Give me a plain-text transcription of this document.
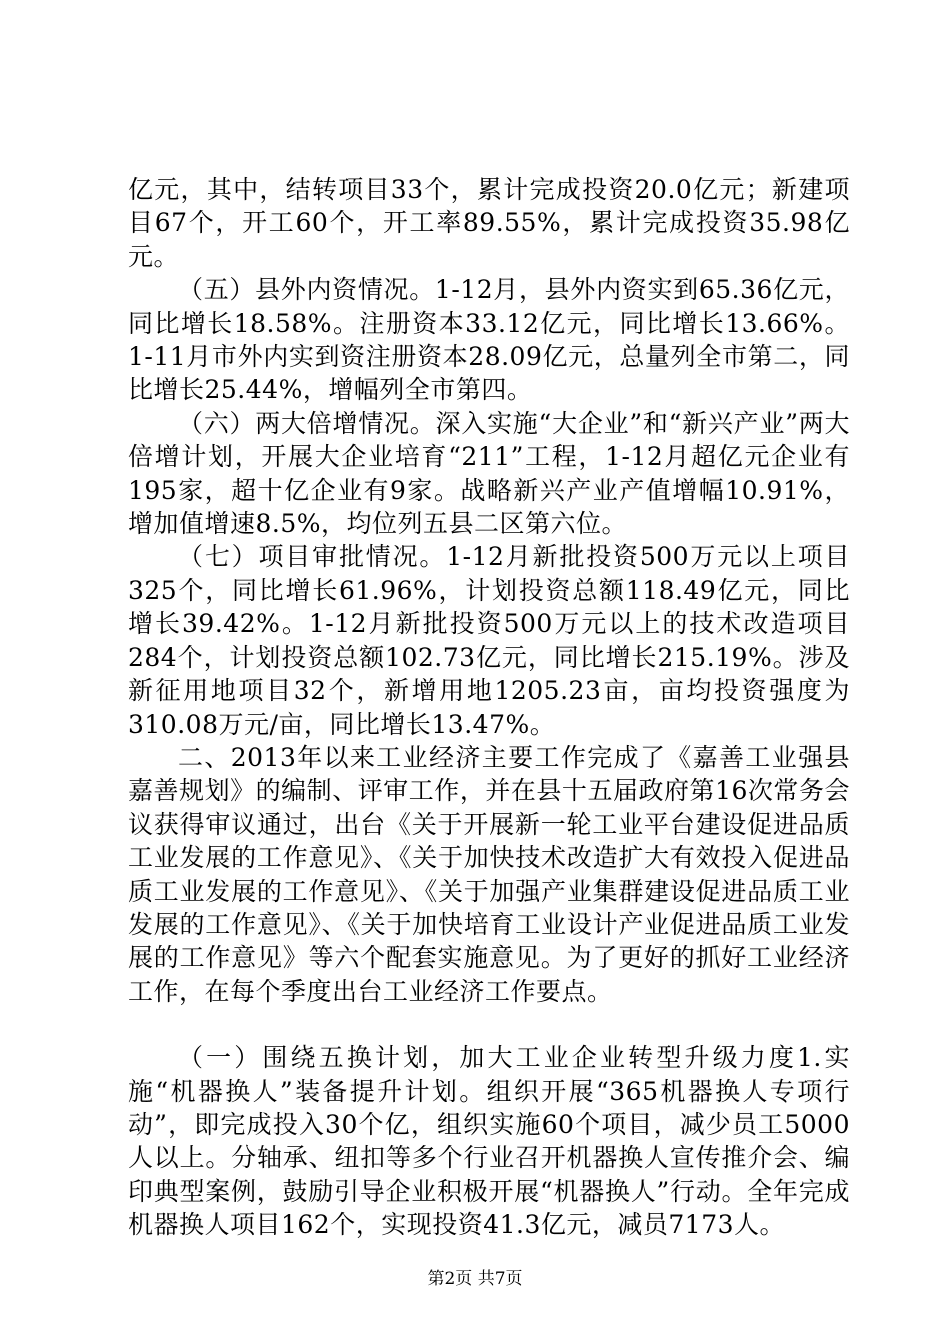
亿元，其中，结转项目33个，累计完成投资20.0亿元；新建项目67个，开工60个，开工率89.55%，累计完成投资35.98亿元。

（五）县外内资情况。1-12月，县外内资实到65.36亿元，同比增长18.58%。注册资本33.12亿元，同比增长13.66%。1-11月市外内实到资注册资本28.09亿元，总量列全市第二，同比增长25.44%，增幅列全市第四。

（六）两大倍增情况。深入实施“大企业”和“新兴产业”两大倍增计划，开展大企业培育“211”工程，1-12月超亿元企业有195家，超十亿企业有9家。战略新兴产业产值增幅10.91%，增加值增速8.5%，均位列五县二区第六位。

（七）项目审批情况。1-12月新批投资500万元以上项目325个，同比增长61.96%，计划投资总额118.49亿元，同比增长39.42%。1-12月新批投资500万元以上的技术改造项目284个，计划投资总额102.73亿元，同比增长215.19%。涉及新征用地项目32个，新增用地1205.23亩，亩均投资强度为310.08万元/亩，同比增长13.47%。

二、2013年以来工业经济主要工作完成了《嘉善工业强县嘉善规划》的编制、评审工作，并在县十五届政府第16次常务会议获得审议通过，出台《关于开展新一轮工业平台建设促进品质工业发展的工作意见》、《关于加快技术改造扩大有效投入促进品质工业发展的工作意见》、《关于加强产业集群建设促进品质工业发展的工作意见》、《关于加快培育工业设计产业促进品质工业发展的工作意见》等六个配套实施意见。为了更好的抓好工业经济工作，在每个季度出台工业经济工作要点。

（一）围绕五换计划，加大工业企业转型升级力度1.实施“机器换人”装备提升计划。组织开展“365机器换人专项行动”，即完成投入30个亿，组织实施60个项目，减少员工5000人以上。分轴承、纽扣等多个行业召开机器换人宣传推介会、编印典型案例，鼓励引导企业积极开展“机器换人”行动。全年完成机器换人项目162个，实现投资41.3亿元，减员7173人。

第2页 共7页
